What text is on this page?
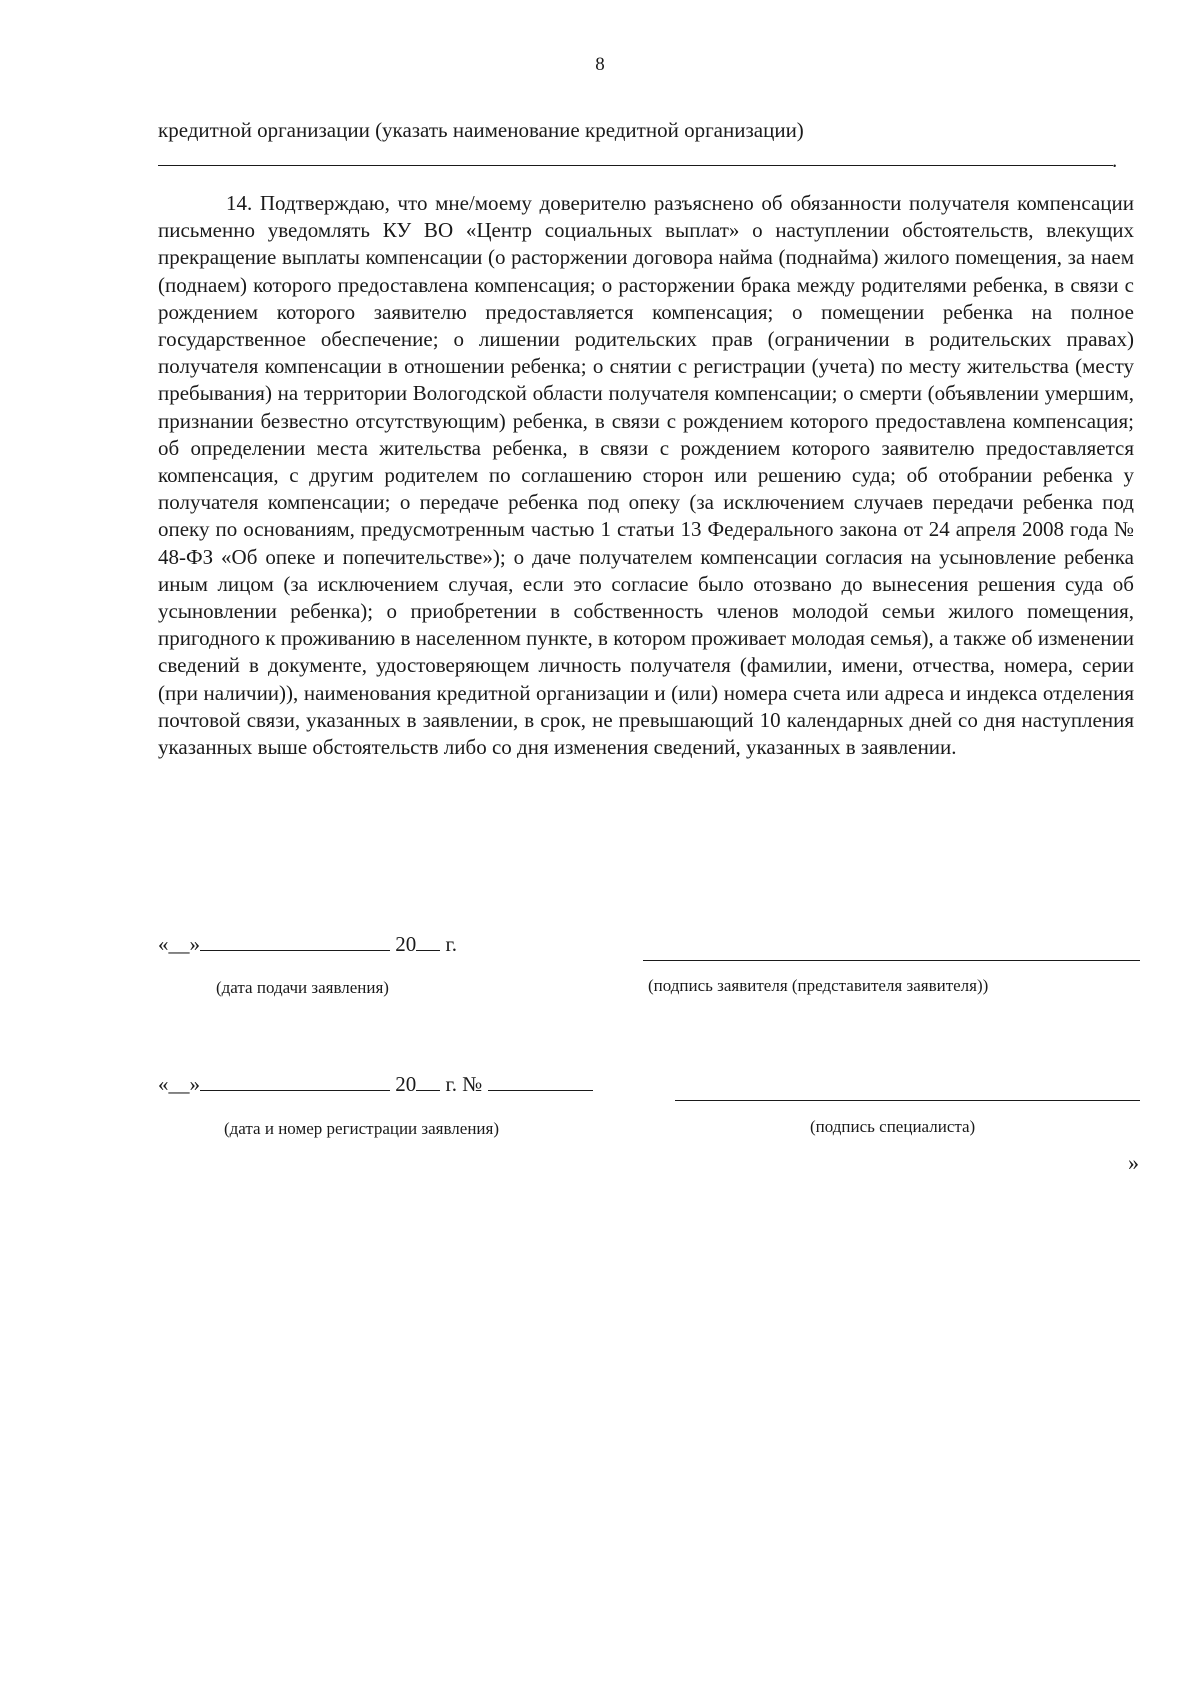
8
кредитной организации (указать наименование кредитной организации)
.

14. Подтверждаю, что мне/моему доверителю разъяснено об обязанности получателя компенсации письменно уведомлять КУ ВО «Центр социальных выплат» о наступлении обстоятельств, влекущих прекращение выплаты компенсации (о расторжении договора найма (поднайма) жилого помещения, за наем (поднаем) которого предоставлена компенсация; о расторжении брака между родителями ребенка, в связи с рождением которого заявителю предоставляется компенсация; о помещении ребенка на полное государственное обеспечение; о лишении родительских прав (ограничении в родительских правах) получателя компенсации в отношении ребенка; о снятии с регистрации (учета) по месту жительства (месту пребывания) на территории Вологодской области получателя компенсации; о смерти (объявлении умершим, признании безвестно отсутствующим) ребенка, в связи с рождением которого предоставлена компенсация; об определении места жительства ребенка, в связи с рождением которого заявителю предоставляется компенсация, с другим родителем по соглашению сторон или решению суда; об отобрании ребенка у получателя компенсации; о передаче ребенка под опеку (за исключением случаев передачи ребенка под опеку по основаниям, предусмотренным частью 1 статьи 13 Федерального закона от 24 апреля 2008 года № 48-ФЗ «Об опеке и попечительстве»); о даче получателем компенсации согласия на усыновление ребенка иным лицом (за исключением случая, если это согласие было отозвано до вынесения решения суда об усыновлении ребенка); о приобретении в собственность членов молодой семьи жилого помещения, пригодного к проживанию в населенном пункте, в котором проживает молодая семья), а также об изменении сведений в документе, удостоверяющем личность получателя (фамилии, имени, отчества, номера, серии (при наличии)), наименования кредитной организации и (или) номера счета или адреса и индекса отделения почтовой связи, указанных в заявлении, в срок, не превышающий 10 календарных дней со дня наступления указанных выше обстоятельств либо со дня изменения сведений, указанных в заявлении.

«__»	20 г.
(дата подачи заявления)	(подпись заявителя (представителя заявителя))
«__»	20 г. №
(дата и номер регистрации заявления)	(подпись специалиста)
»
